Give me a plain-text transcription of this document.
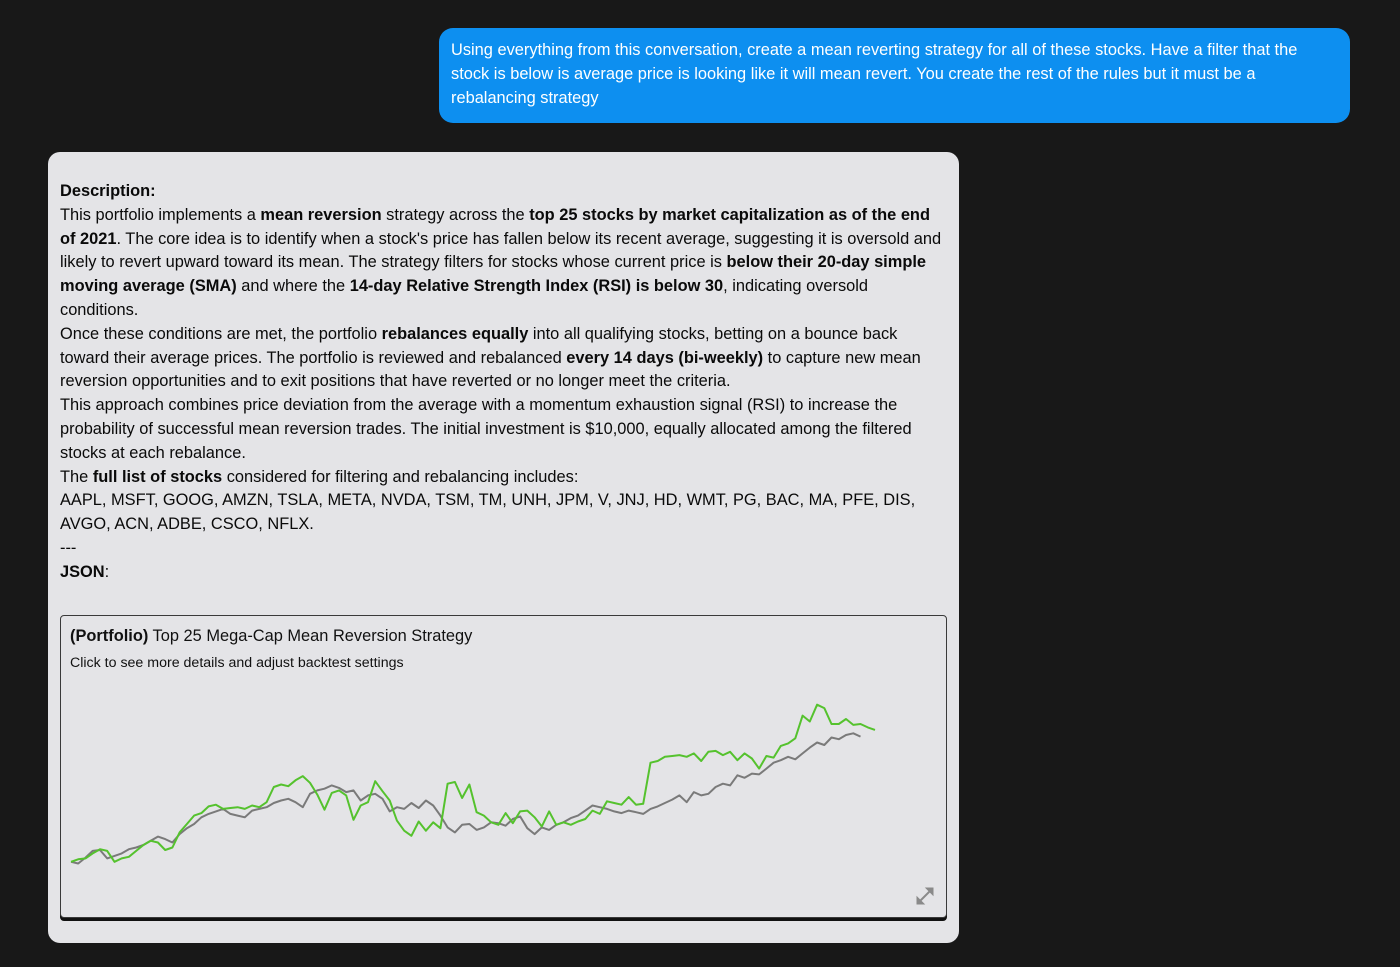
Using everything from this conversation, create a mean reverting strategy for all of these stocks. Have a filter that the stock is below is average price is looking like it will mean revert. You create the rest of the rules but it must be a rebalancing strategy

Description:

This portfolio implements a mean reversion strategy across the top 25 stocks by market capitalization as of the end of 2021. The core idea is to identify when a stock's price has fallen below its recent average, suggesting it is oversold and likely to revert upward toward its mean. The strategy filters for stocks whose current price is below their 20-day simple moving average (SMA) and where the 14-day Relative Strength Index (RSI) is below 30, indicating oversold conditions.

Once these conditions are met, the portfolio rebalances equally into all qualifying stocks, betting on a bounce back toward their average prices. The portfolio is reviewed and rebalanced every 14 days (bi-weekly) to capture new mean reversion opportunities and to exit positions that have reverted or no longer meet the criteria.

This approach combines price deviation from the average with a momentum exhaustion signal (RSI) to increase the probability of successful mean reversion trades. The initial investment is $10,000, equally allocated among the filtered stocks at each rebalance.

The full list of stocks considered for filtering and rebalancing includes:

AAPL, MSFT, GOOG, AMZN, TSLA, META, NVDA, TSM, TM, UNH, JPM, V, JNJ, HD, WMT, PG, BAC, MA, PFE, DIS, AVGO, ACN, ADBE, CSCO, NFLX.

---

JSON:

(Portfolio) Top 25 Mega-Cap Mean Reversion Strategy
Click to see more details and adjust backtest settings
